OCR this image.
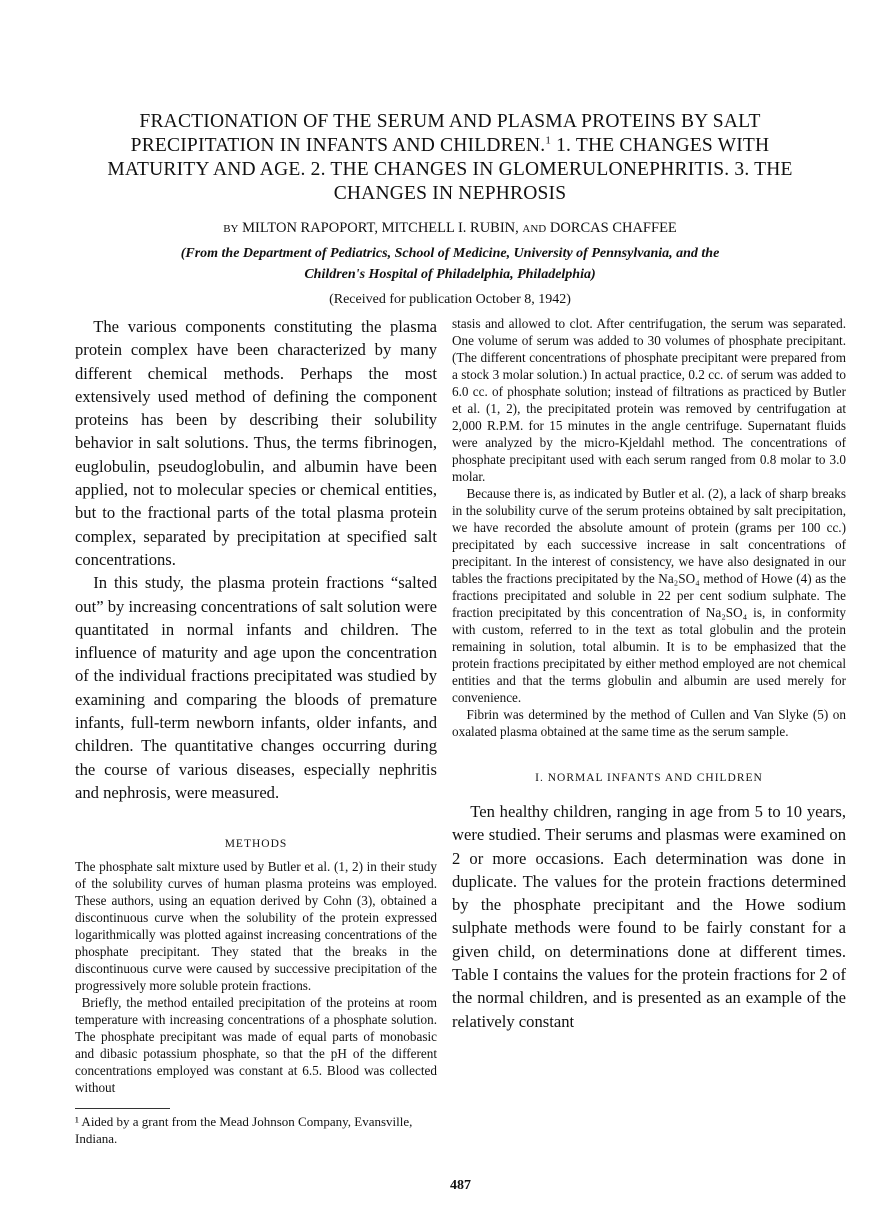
FRACTIONATION OF THE SERUM AND PLASMA PROTEINS BY SALT PRECIPITATION IN INFANTS AND CHILDREN.$^1$ 1. THE CHANGES WITH MATURITY AND AGE. 2. THE CHANGES IN GLOMERULONEPHRITIS. 3. THE CHANGES IN NEPHROSIS
BY MILTON RAPOPORT, MITCHELL I. RUBIN, AND DORCAS CHAFFEE
(From the Department of Pediatrics, School of Medicine, University of Pennsylvania, and the Children's Hospital of Philadelphia, Philadelphia)
(Received for publication October 8, 1942)

The various components constituting the plasma protein complex have been characterized by many different chemical methods. Perhaps the most extensively used method of defining the component proteins has been by describing their solubility behavior in salt solutions. Thus, the terms fibrinogen, euglobulin, pseudoglobulin, and albumin have been applied, not to molecular species or chemical entities, but to the fractional parts of the total plasma protein complex, separated by precipitation at specified salt concentrations.

In this study, the plasma protein fractions “salted out” by increasing concentrations of salt solution were quantitated in normal infants and children. The influence of maturity and age upon the concentration of the individual fractions precipitated was studied by examining and comparing the bloods of premature infants, full-term newborn infants, older infants, and children. The quantitative changes occurring during the course of various diseases, especially nephritis and nephrosis, were measured.

METHODS

The phosphate salt mixture used by Butler et al. (1, 2) in their study of the solubility curves of human plasma proteins was employed. These authors, using an equation derived by Cohn (3), obtained a discontinuous curve when the solubility of the protein expressed logarithmically was plotted against increasing concentrations of the phosphate precipitant. They stated that the breaks in the discontinuous curve were caused by successive precipitation of the progressively more soluble protein fractions.

Briefly, the method entailed precipitation of the proteins at room temperature with increasing concentrations of a phosphate solution. The phosphate precipitant was made of equal parts of monobasic and dibasic potassium phosphate, so that the pH of the different concentrations employed was constant at 6.5. Blood was collected without

¹ Aided by a grant from the Mead Johnson Company, Evansville, Indiana.

stasis and allowed to clot. After centrifugation, the serum was separated. One volume of serum was added to 30 volumes of phosphate precipitant. (The different concentrations of phosphate precipitant were prepared from a stock 3 molar solution.) In actual practice, 0.2 cc. of serum was added to 6.0 cc. of phosphate solution; instead of filtrations as practiced by Butler et al. (1, 2), the precipitated protein was removed by centrifugation at 2,000 R.P.M. for 15 minutes in the angle centrifuge. Supernatant fluids were analyzed by the micro-Kjeldahl method. The concentrations of phosphate precipitant used with each serum ranged from 0.8 molar to 3.0 molar.

Because there is, as indicated by Butler et al. (2), a lack of sharp breaks in the solubility curve of the serum proteins obtained by salt precipitation, we have recorded the absolute amount of protein (grams per 100 cc.) precipitated by each successive increase in salt concentrations of precipitant. In the interest of consistency, we have also designated in our tables the fractions precipitated by the Na₂SO₄ method of Howe (4) as the fractions precipitated and soluble in 22 per cent sodium sulphate. The fraction precipitated by this concentration of Na₂SO₄ is, in conformity with custom, referred to in the text as total globulin and the protein remaining in solution, total albumin. It is to be emphasized that the protein fractions precipitated by either method employed are not chemical entities and that the terms globulin and albumin are used merely for convenience.

Fibrin was determined by the method of Cullen and Van Slyke (5) on oxalated plasma obtained at the same time as the serum sample.

I. NORMAL INFANTS AND CHILDREN

Ten healthy children, ranging in age from 5 to 10 years, were studied. Their serums and plasmas were examined on 2 or more occasions. Each determination was done in duplicate. The values for the protein fractions determined by the phosphate precipitant and the Howe sodium sulphate methods were found to be fairly constant for a given child, on determinations done at different times. Table I contains the values for the protein fractions for 2 of the normal children, and is presented as an example of the relatively constant

487
